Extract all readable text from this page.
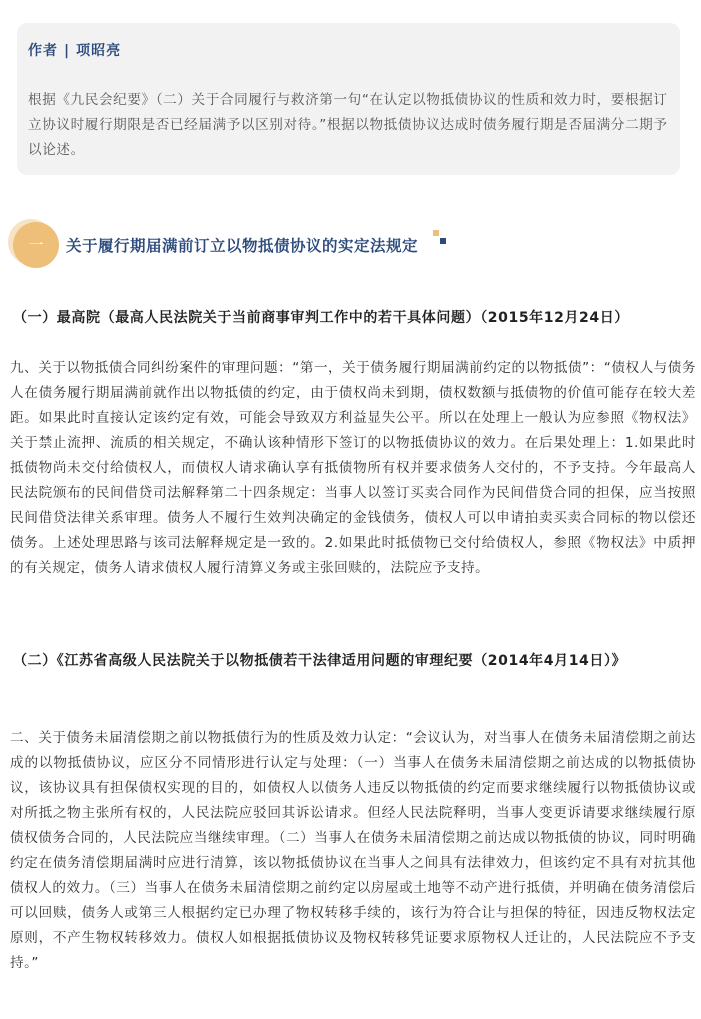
作者 | 项昭亮
根据《九民会纪要》（二）关于合同履行与救济第一句“在认定以物抵债协议的性质和效力时，要根据订立协议时履行期限是否已经届满予以区别对待。”根据以物抵债协议达成时债务履行期是否届满分二期予以论述。
一	关于履行期届满前订立以物抵债协议的实定法规定
（一）最高院（最高人民法院关于当前商事审判工作中的若干具体问题）（2015年12月24日）

九、关于以物抵债合同纠纷案件的审理问题：“第一，关于债务履行期届满前约定的以物抵债”：“债权人与债务人在债务履行期届满前就作出以物抵债的约定，由于债权尚未到期，债权数额与抵债物的价值可能存在较大差距。如果此时直接认定该约定有效，可能会导致双方利益显失公平。所以在处理上一般认为应参照《物权法》关于禁止流押、流质的相关规定，不确认该种情形下签订的以物抵债协议的效力。在后果处理上：1.如果此时抵债物尚未交付给债权人，而债权人请求确认享有抵债物所有权并要求债务人交付的，不予支持。今年最高人民法院颁布的民间借贷司法解释第二十四条规定：当事人以签订买卖合同作为民间借贷合同的担保，应当按照民间借贷法律关系审理。债务人不履行生效判决确定的金钱债务，债权人可以申请拍卖买卖合同标的物以偿还债务。上述处理思路与该司法解释规定是一致的。2.如果此时抵债物已交付给债权人，参照《物权法》中质押的有关规定，债务人请求债权人履行清算义务或主张回赎的，法院应予支持。

（二）《江苏省高级人民法院关于以物抵债若干法律适用问题的审理纪要（2014年4月14日）》

二、关于债务未届清偿期之前以物抵债行为的性质及效力认定：“会议认为，对当事人在债务未届清偿期之前达成的以物抵债协议，应区分不同情形进行认定与处理：（一）当事人在债务未届清偿期之前达成的以物抵债协议，该协议具有担保债权实现的目的，如债权人以债务人违反以物抵债的约定而要求继续履行以物抵债协议或对所抵之物主张所有权的，人民法院应驳回其诉讼请求。但经人民法院释明，当事人变更诉请要求继续履行原债权债务合同的，人民法院应当继续审理。（二）当事人在债务未届清偿期之前达成以物抵债的协议，同时明确约定在债务清偿期届满时应进行清算，该以物抵债协议在当事人之间具有法律效力，但该约定不具有对抗其他债权人的效力。（三）当事人在债务未届清偿期之前约定以房屋或土地等不动产进行抵债，并明确在债务清偿后可以回赎，债务人或第三人根据约定已办理了物权转移手续的，该行为符合让与担保的特征，因违反物权法定原则，不产生物权转移效力。债权人如根据抵债协议及物权转移凭证要求原物权人迁让的，人民法院应不予支持。”
